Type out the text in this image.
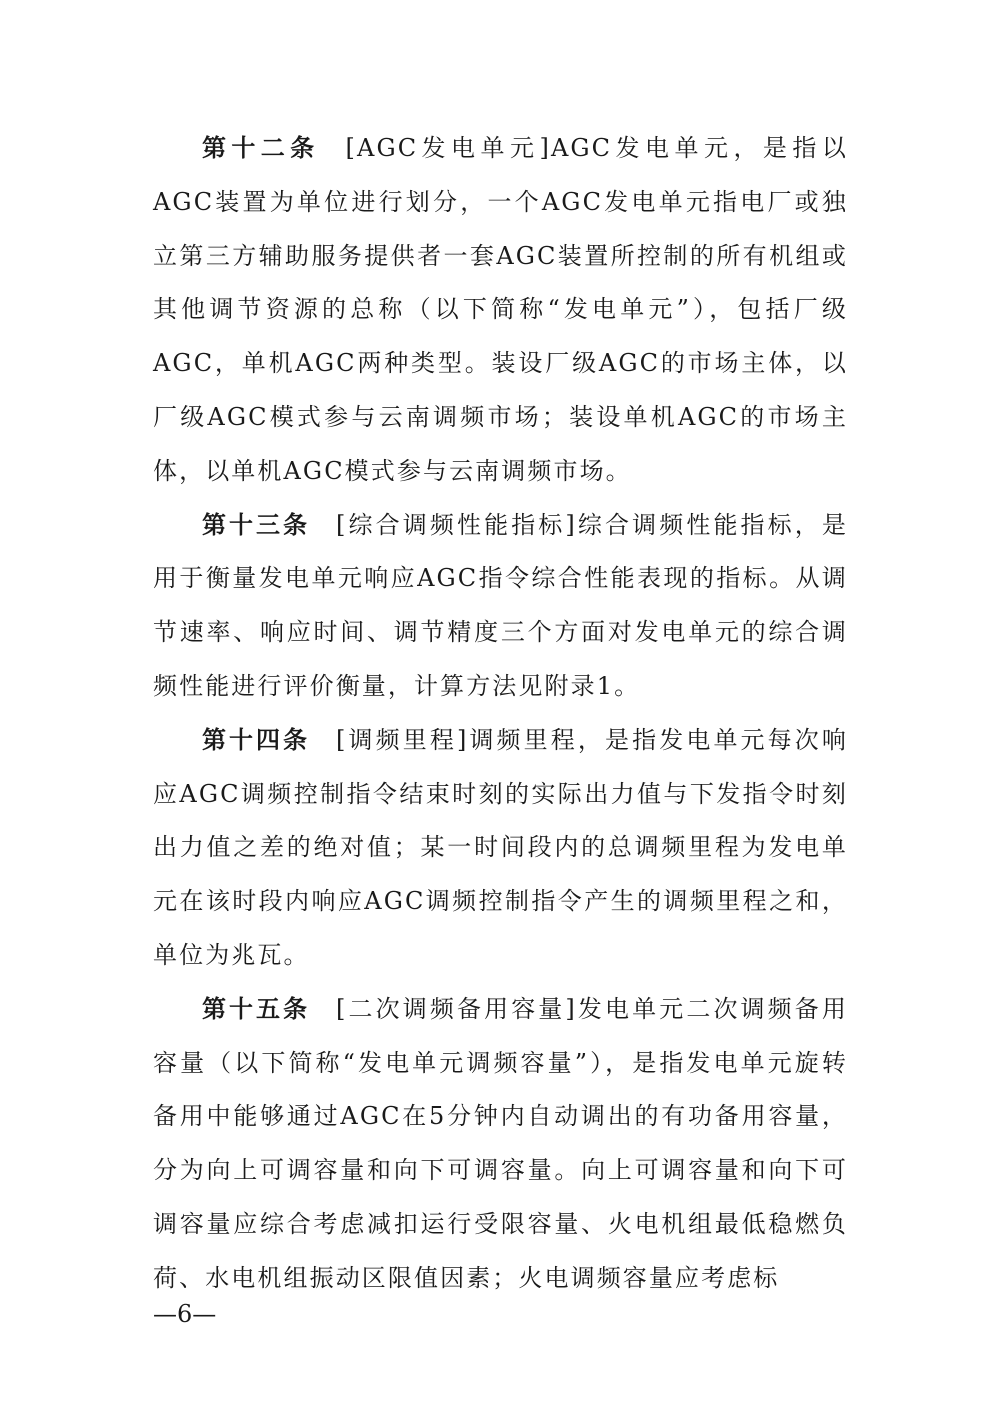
第十二条 [AGC发电单元]AGC发电单元，是指以AGC装置为单位进行划分，一个AGC发电单元指电厂或独立第三方辅助服务提供者一套AGC装置所控制的所有机组或其他调节资源的总称（以下简称“发电单元”），包括厂级AGC，单机AGC两种类型。装设厂级AGC的市场主体，以厂级AGC模式参与云南调频市场；装设单机AGC的市场主体，以单机AGC模式参与云南调频市场。

第十三条 [综合调频性能指标]综合调频性能指标，是用于衡量发电单元响应AGC指令综合性能表现的指标。从调节速率、响应时间、调节精度三个方面对发电单元的综合调频性能进行评价衡量，计算方法见附录1。

第十四条 [调频里程]调频里程，是指发电单元每次响应AGC调频控制指令结束时刻的实际出力值与下发指令时刻出力值之差的绝对值；某一时间段内的总调频里程为发电单元在该时段内响应AGC调频控制指令产生的调频里程之和，单位为兆瓦。

第十五条 [二次调频备用容量]发电单元二次调频备用容量（以下简称“发电单元调频容量”），是指发电单元旋转备用中能够通过AGC在5分钟内自动调出的有功备用容量，分为向上可调容量和向下可调容量。向上可调容量和向下可调容量应综合考虑减扣运行受限容量、火电机组最低稳燃负荷、水电机组振动区限值因素；火电调频容量应考虑标

—6—
